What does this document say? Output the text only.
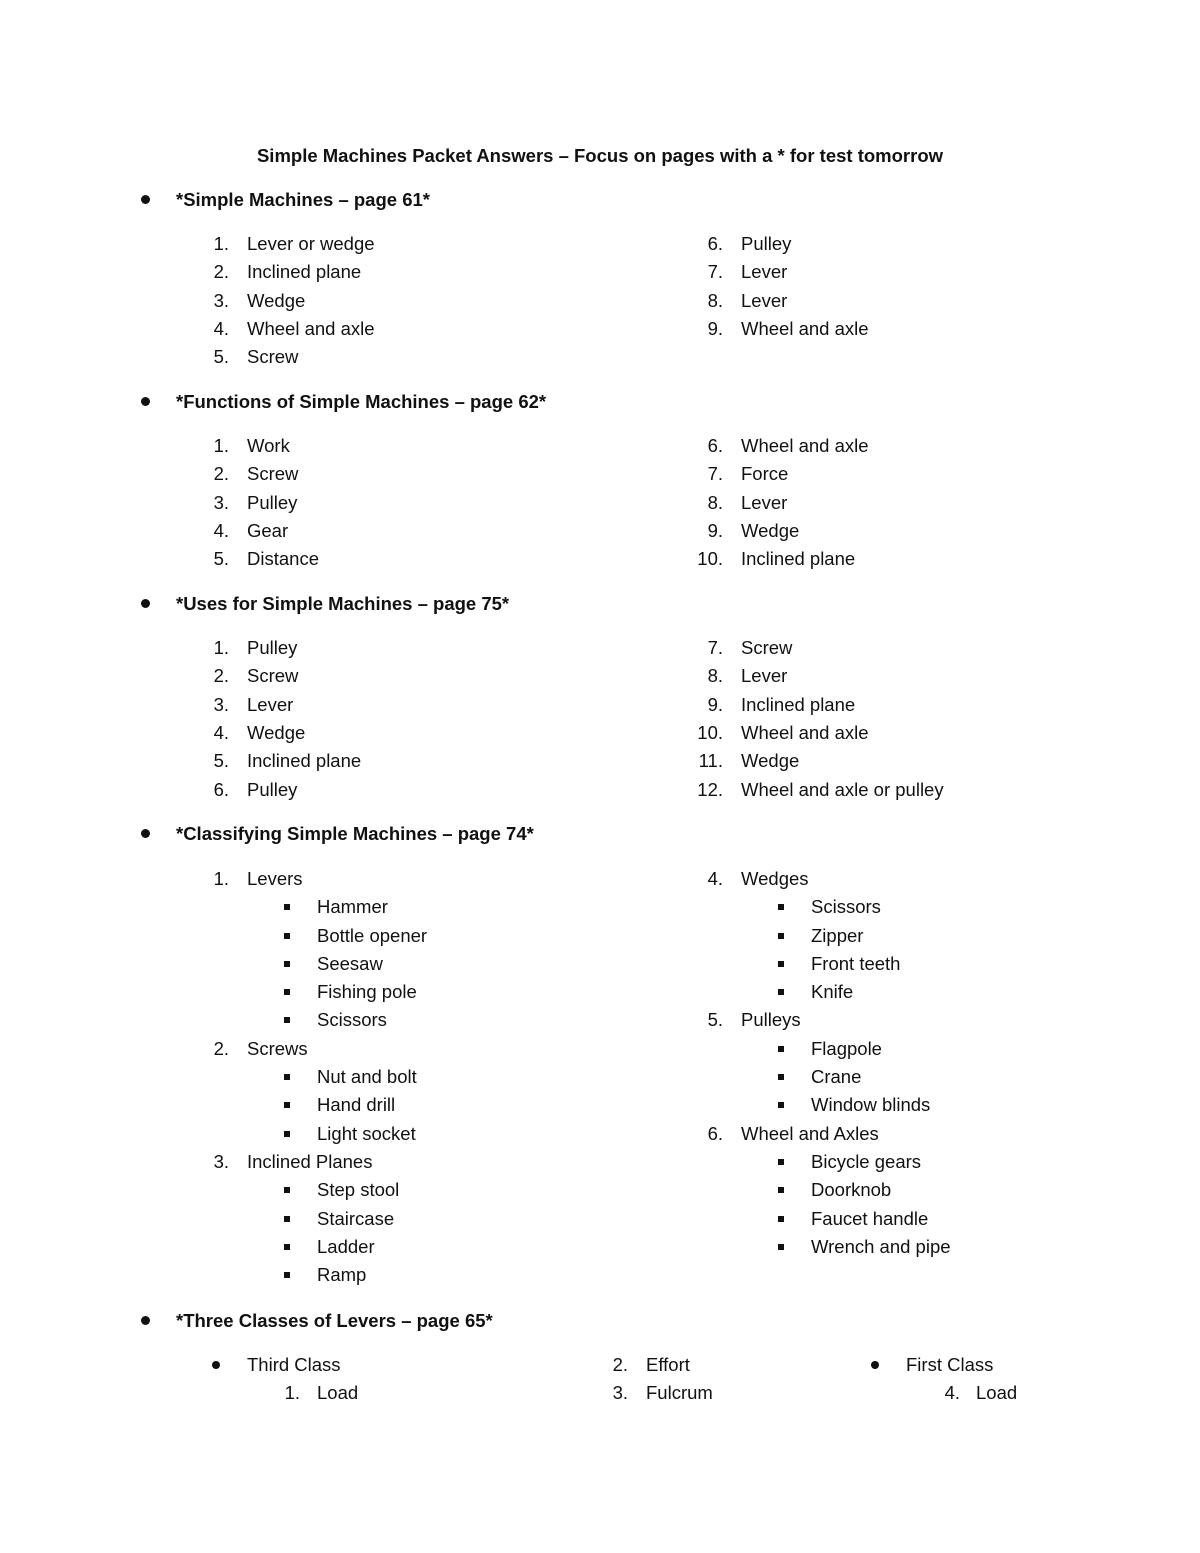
Simple Machines Packet Answers – Focus on pages with a * for test tomorrow
*Simple Machines – page 61*
1. Lever or wedge
2. Inclined plane
3. Wedge
4. Wheel and axle
5. Screw
6. Pulley
7. Lever
8. Lever
9. Wheel and axle
*Functions of Simple Machines – page 62*
1. Work
2. Screw
3. Pulley
4. Gear
5. Distance
6. Wheel and axle
7. Force
8. Lever
9. Wedge
10. Inclined plane
*Uses for Simple Machines – page 75*
1. Pulley
2. Screw
3. Lever
4. Wedge
5. Inclined plane
6. Pulley
7. Screw
8. Lever
9. Inclined plane
10. Wheel and axle
11. Wedge
12. Wheel and axle or pulley
*Classifying Simple Machines – page 74*
1. Levers
Hammer
Bottle opener
Seesaw
Fishing pole
Scissors
2. Screws
Nut and bolt
Hand drill
Light socket
3. Inclined Planes
Step stool
Staircase
Ladder
Ramp
4. Wedges
Scissors
Zipper
Front teeth
Knife
5. Pulleys
Flagpole
Crane
Window blinds
6. Wheel and Axles
Bicycle gears
Doorknob
Faucet handle
Wrench and pipe
*Three Classes of Levers – page 65*
Third Class
1. Load
2. Effort
3. Fulcrum
First Class
4. Load
